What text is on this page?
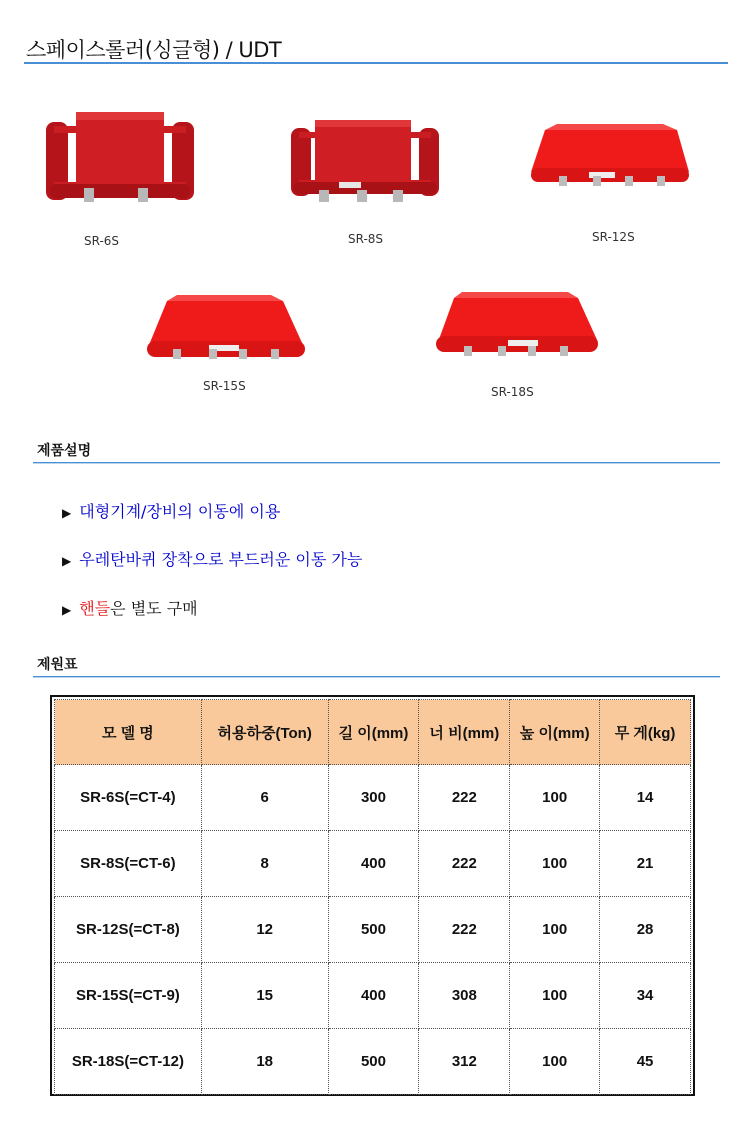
스페이스롤러(싱글형) / UDT
SR-6S	SR-8S	SR-12S
SR-15S	SR-18S
제품설명
▶ 대형기계/장비의 이동에 이용
▶ 우레탄바퀴 장착으로 부드러운 이동 가능
▶ 핸들은 별도 구매
제원표
모 델 명	허용하중(Ton)	길 이(mm)	너 비(mm)	높 이(mm)	무 게(kg)
SR-6S(=CT-4)	6	300	222	100	14
SR-8S(=CT-6)	8	400	222	100	21
SR-12S(=CT-8)	12	500	222	100	28
SR-15S(=CT-9)	15	400	308	100	34
SR-18S(=CT-12)	18	500	312	100	45
